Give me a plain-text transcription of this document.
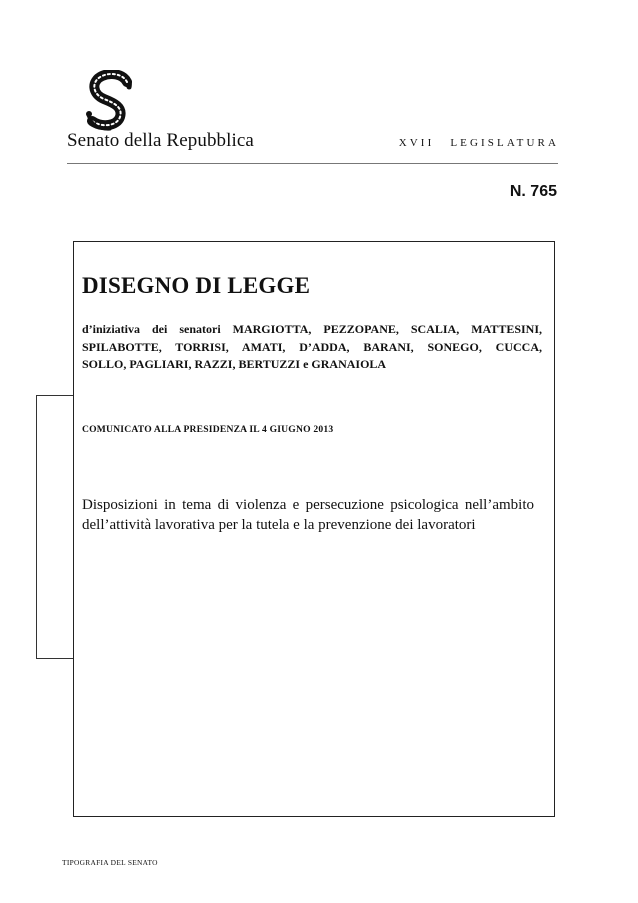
Senato della Repubblica	XVII LEGISLATURA
N. 765
DISEGNO DI LEGGE

d’iniziativa dei senatori MARGIOTTA, PEZZOPANE, SCALIA, MATTESINI,
SPILABOTTE, TORRISI, AMATI, D’ADDA, BARANI, SONEGO, CUCCA,
SOLLO, PAGLIARI, RAZZI, BERTUZZI e GRANAIOLA

COMUNICATO ALLA PRESIDENZA IL 4 GIUGNO 2013
Disposizioni in tema di violenza e persecuzione psicologica nell’ambito
dell’attività lavorativa per la tutela e la prevenzione dei lavoratori
TIPOGRAFIA DEL SENATO
